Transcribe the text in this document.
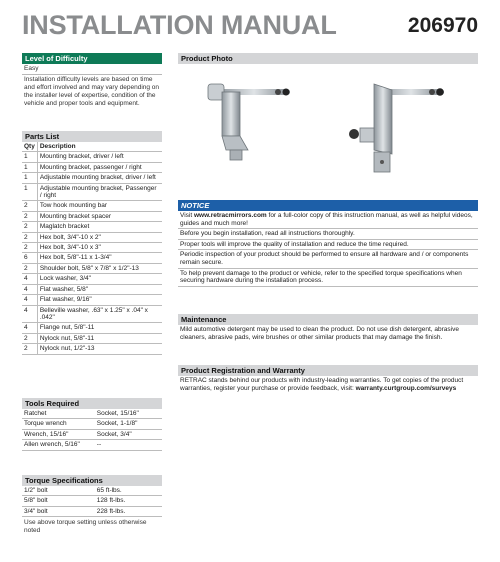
INSTALLATION MANUAL	206970
Level of Difficulty
Easy
Installation difficulty levels are based on time and effort involved and may vary depending on the installer level of expertise, condition of the vehicle and proper tools and equipment.
Parts List
Qty	Description
1	Mounting bracket, driver / left
1	Mounting bracket, passenger / right
1	Adjustable mounting bracket, driver / left
1	Adjustable mounting bracket, Passenger / right
2	Tow hook mounting bar
2	Mounting bracket spacer
2	Maglatch bracket
2	Hex bolt, 3/4"-10 x 2"
2	Hex bolt, 3/4"-10 x 3"
6	Hex bolt, 5/8"-11 x 1-3/4"
2	Shoulder bolt, 5/8" x 7/8" x 1/2"-13
4	Lock washer, 3/4"
4	Flat washer, 5/8"
4	Flat washer, 9/16"
4	Belleville washer, .63" x 1.25" x .04" x .042"
4	Flange nut, 5/8"-11
2	Nylock nut, 5/8"-11
2	Nylock nut, 1/2"-13
Tools Required
Ratchet	Socket, 15/16"
Torque wrench	Socket, 1-1/8"
Wrench, 15/16"	Socket, 3/4"
Allen wrench, 5/16"	--
Torque Specifications
1/2" bolt	65 ft-lbs.
5/8" bolt	128 ft-lbs.
3/4" bolt	228 ft-lbs.
Use above torque setting unless otherwise noted
Product Photo
NOTICE
Visit www.retracmirrors.com for a full-color copy of this instruction manual, as well as helpful videos, guides and much more!
Before you begin installation, read all instructions thoroughly.
Proper tools will improve the quality of installation and reduce the time required.
Periodic inspection of your product should be performed to ensure all hardware and / or components remain secure.
To help prevent damage to the product or vehicle, refer to the specified torque specifications when securing hardware during the installation process.
Maintenance
Mild automotive detergent may be used to clean the product. Do not use dish detergent, abrasive cleaners, abrasive pads, wire brushes or other similar products that may damage the finish.
Product Registration and Warranty
RETRAC stands behind our products with industry-leading warranties. To get copies of the product warranties, register your purchase or provide feedback, visit: warranty.curtgroup.com/surveys
